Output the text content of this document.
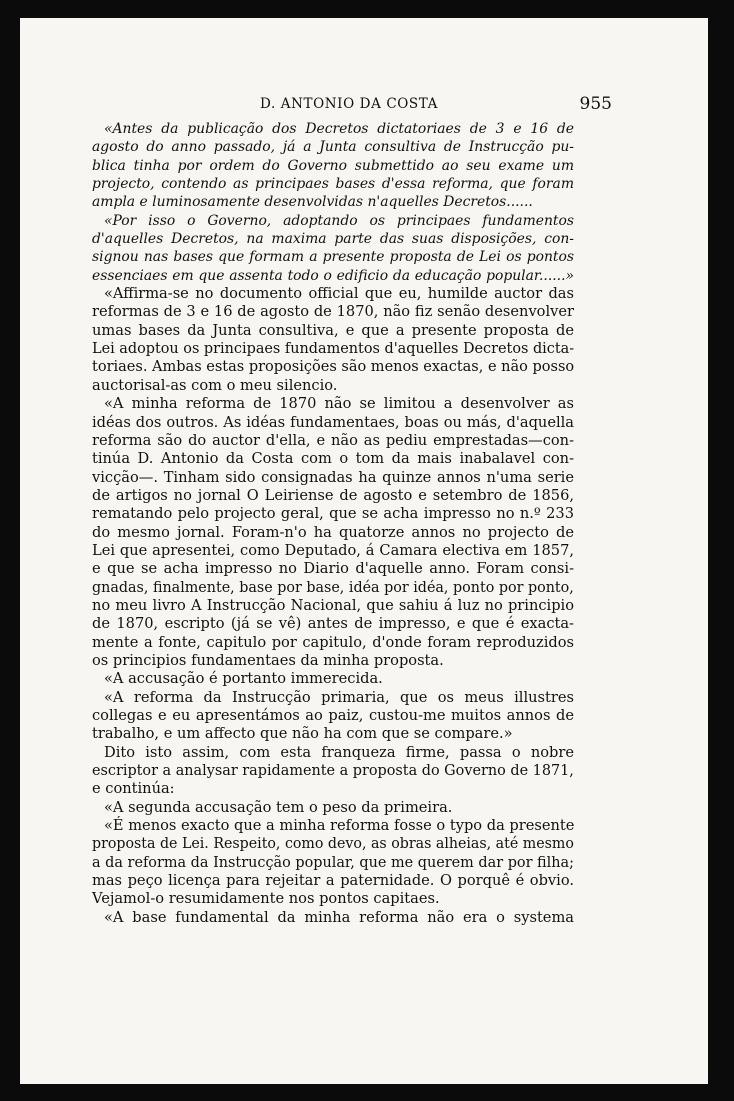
D. ANTONIO DA COSTA	955
«Antes da publicação dos Decretos dictatoriaes de 3 e 16 de
agosto do anno passado, já a Junta consultiva de Instrucção pu-
blica tinha por ordem do Governo submettido ao seu exame um
projecto, contendo as principaes bases d'essa reforma, que foram
ampla e luminosamente desenvolvidas n'aquelles Decretos......
«Por isso o Governo, adoptando os principaes fundamentos
d'aquelles Decretos, na maxima parte das suas disposições, con-
signou nas bases que formam a presente proposta de Lei os pontos
essenciaes em que assenta todo o edificio da educação popular......»
«Affirma-se no documento official que eu, humilde auctor das
reformas de 3 e 16 de agosto de 1870, não fiz senão desenvolver
umas bases da Junta consultiva, e que a presente proposta de
Lei adoptou os principaes fundamentos d'aquelles Decretos dicta-
toriaes. Ambas estas proposições são menos exactas, e não posso
auctorisal-as com o meu silencio.
«A minha reforma de 1870 não se limitou a desenvolver as
idéas dos outros. As idéas fundamentaes, boas ou más, d'aquella
reforma são do auctor d'ella, e não as pediu emprestadas—con-
tinúa D. Antonio da Costa com o tom da mais inabalavel con-
vicção—. Tinham sido consignadas ha quinze annos n'uma serie
de artigos no jornal O Leiriense de agosto e setembro de 1856,
rematando pelo projecto geral, que se acha impresso no n.º 233
do mesmo jornal. Foram-n'o ha quatorze annos no projecto de
Lei que apresentei, como Deputado, á Camara electiva em 1857,
e que se acha impresso no Diario d'aquelle anno. Foram consi-
gnadas, finalmente, base por base, idéa por idéa, ponto por ponto,
no meu livro A Instrucção Nacional, que sahiu á luz no principio
de 1870, escripto (já se vê) antes de impresso, e que é exacta-
mente a fonte, capitulo por capitulo, d'onde foram reproduzidos
os principios fundamentaes da minha proposta.
«A accusação é portanto immerecida.
«A reforma da Instrucção primaria, que os meus illustres
collegas e eu apresentámos ao paiz, custou-me muitos annos de
trabalho, e um affecto que não ha com que se compare.»
Dito isto assim, com esta franqueza firme, passa o nobre
escriptor a analysar rapidamente a proposta do Governo de 1871,
e continúa:
«A segunda accusação tem o peso da primeira.
«É menos exacto que a minha reforma fosse o typo da presente
proposta de Lei. Respeito, como devo, as obras alheias, até mesmo
a da reforma da Instrucção popular, que me querem dar por filha;
mas peço licença para rejeitar a paternidade. O porquê é obvio.
Vejamol-o resumidamente nos pontos capitaes.
«A base fundamental da minha reforma não era o systema
